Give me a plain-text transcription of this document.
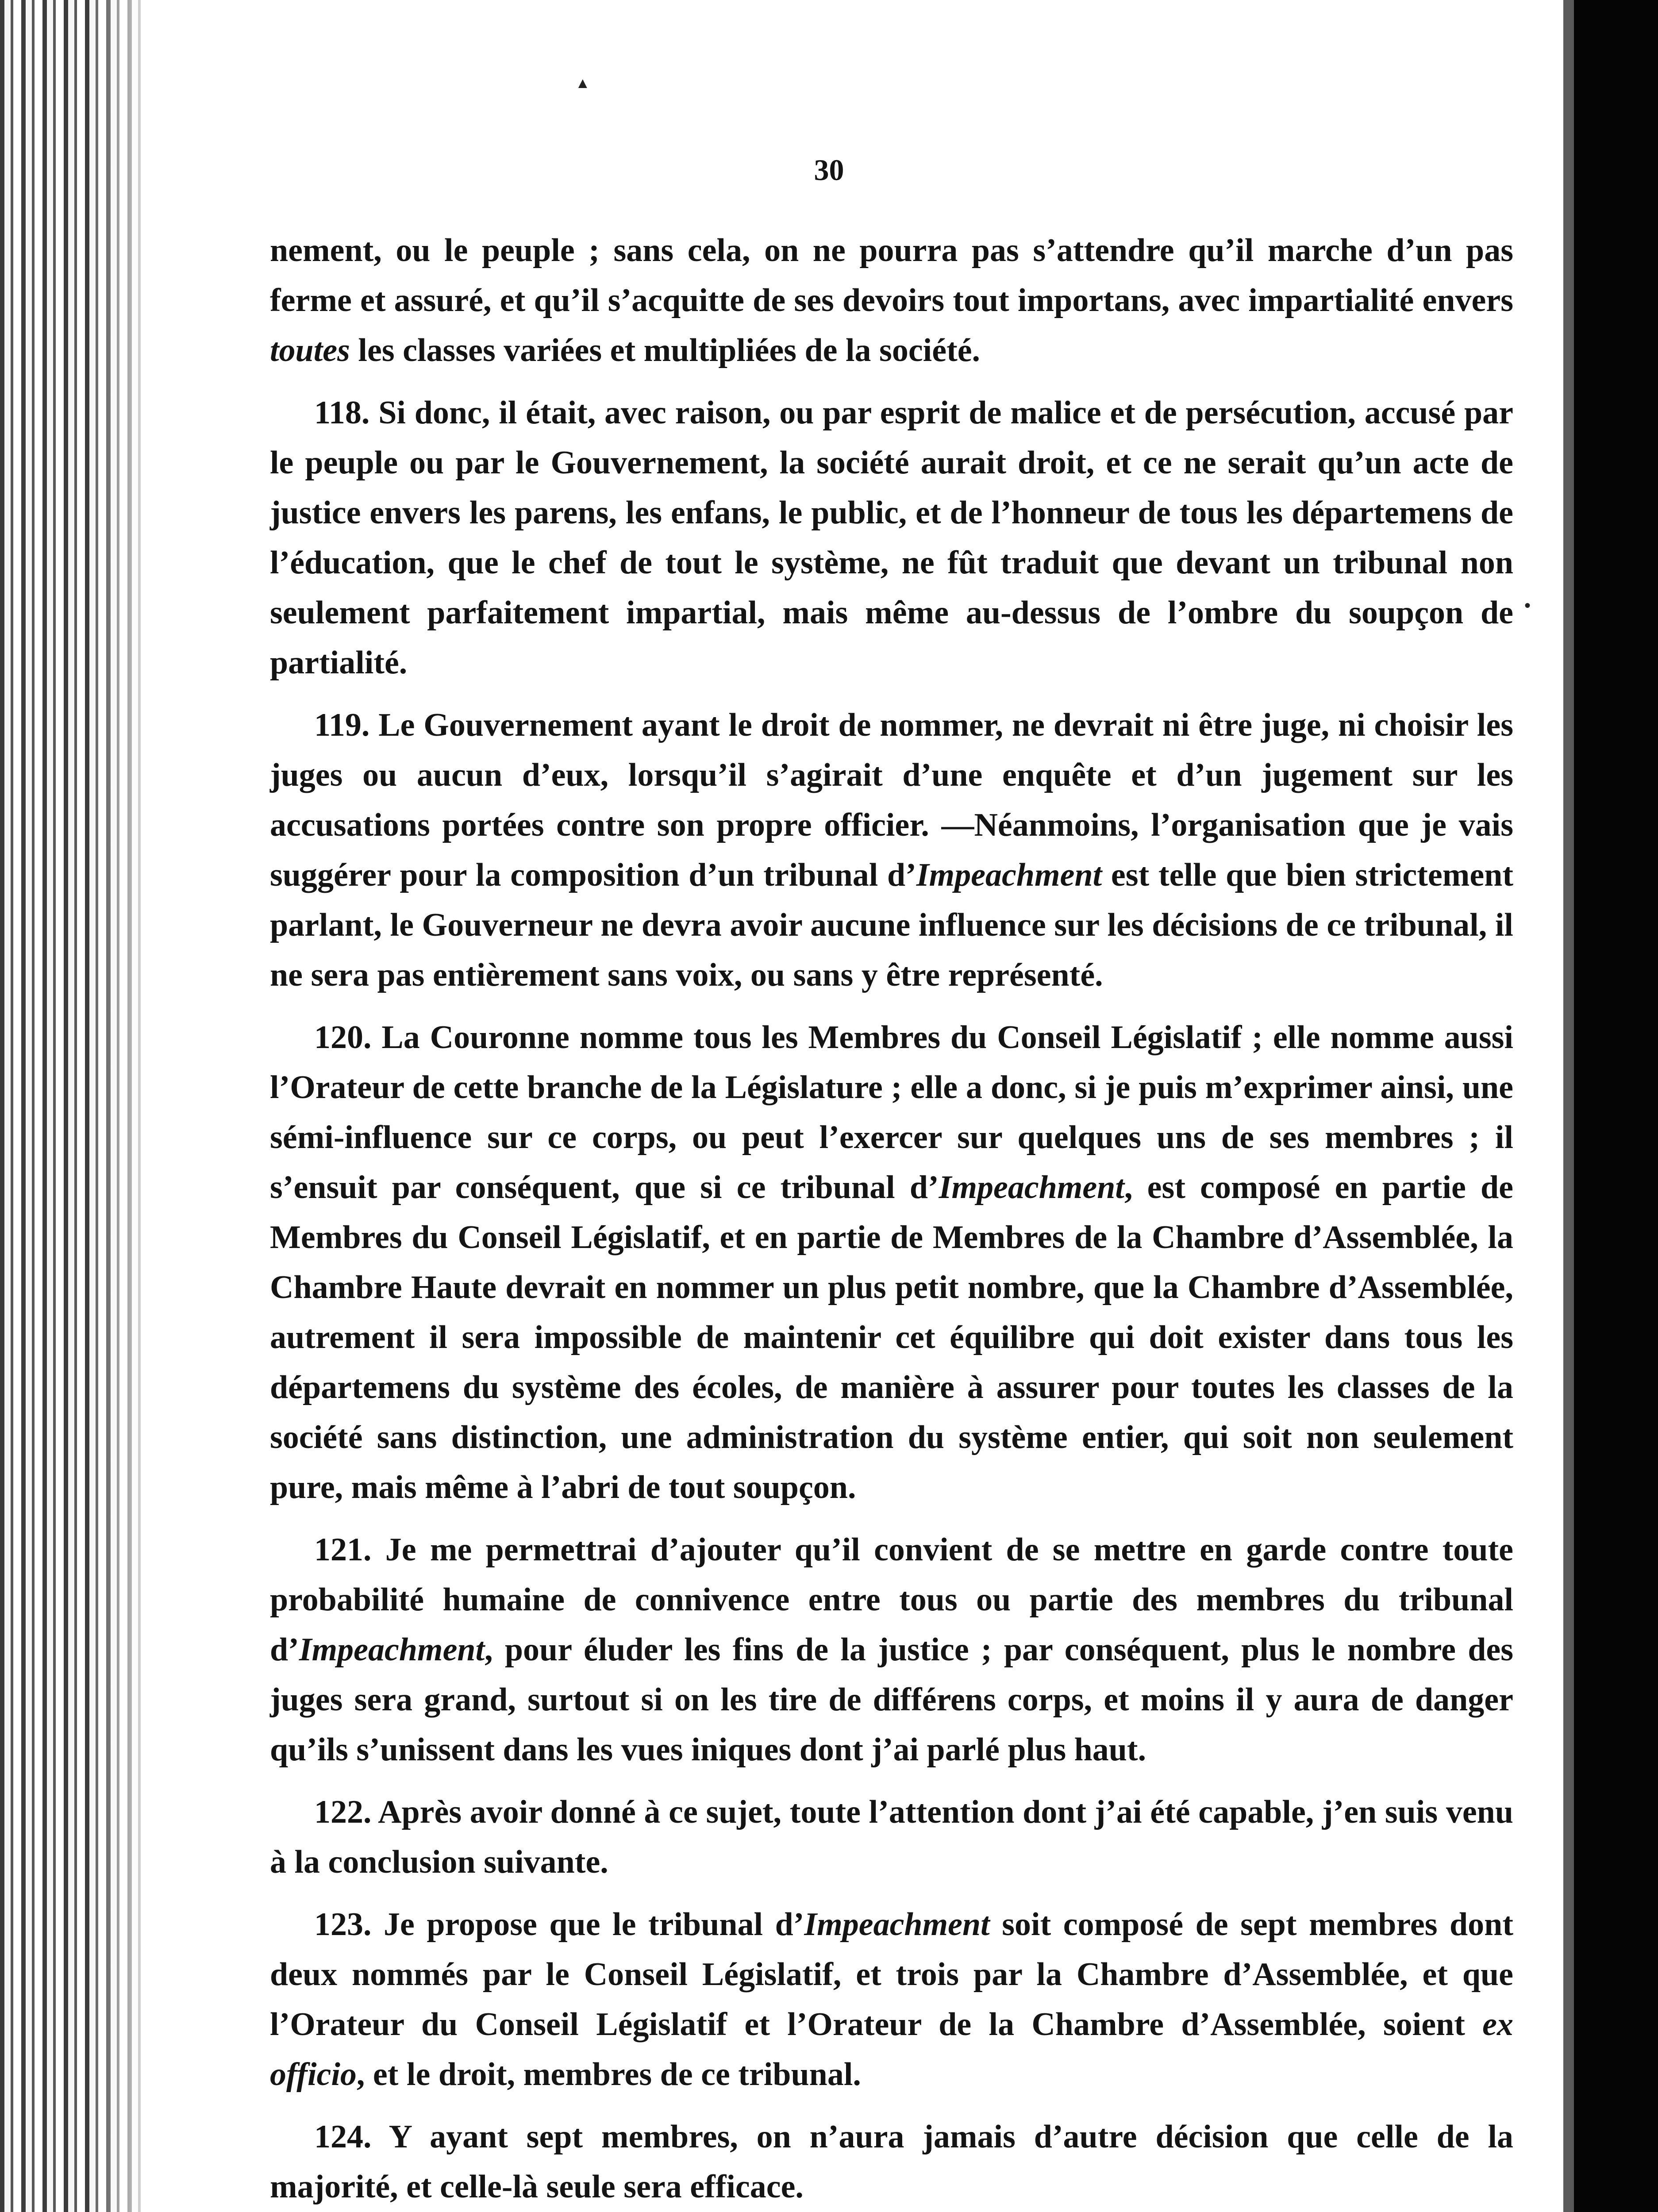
▲
30

nement, ou le peuple ; sans cela, on ne pourra pas s’attendre qu’il marche d’un pas ferme et assuré, et qu’il s’acquitte de ses devoirs tout importans, avec impartialité envers toutes les classes variées et multipliées de la société.

118. Si donc, il était, avec raison, ou par esprit de malice et de persécution, accusé par le peuple ou par le Gouvernement, la société aurait droit, et ce ne serait qu’un acte de justice envers les parens, les enfans, le public, et de l’honneur de tous les départemens de l’éducation, que le chef de tout le système, ne fût traduit que devant un tribunal non seulement parfaitement impartial, mais même au-dessus de l’ombre du soupçon de partialité.

119. Le Gouvernement ayant le droit de nommer, ne devrait ni être juge, ni choisir les juges ou aucun d’eux, lorsqu’il s’agirait d’une enquête et d’un jugement sur les accusations portées contre son propre officier. —Néanmoins, l’organisation que je vais suggérer pour la composition d’un tribunal d’Impeachment est telle que bien strictement parlant, le Gouverneur ne devra avoir aucune influence sur les décisions de ce tribunal, il ne sera pas entièrement sans voix, ou sans y être représenté.

120. La Couronne nomme tous les Membres du Conseil Législatif ; elle nomme aussi l’Orateur de cette branche de la Législature ; elle a donc, si je puis m’exprimer ainsi, une sémi-influence sur ce corps, ou peut l’exercer sur quelques uns de ses membres ; il s’ensuit par conséquent, que si ce tribunal d’Impeachment, est composé en partie de Membres du Conseil Législatif, et en partie de Membres de la Chambre d’Assemblée, la Chambre Haute devrait en nommer un plus petit nombre, que la Chambre d’Assemblée, autrement il sera impossible de maintenir cet équilibre qui doit exister dans tous les départemens du système des écoles, de manière à assurer pour toutes les classes de la société sans distinction, une administration du système entier, qui soit non seulement pure, mais même à l’abri de tout soupçon.

121. Je me permettrai d’ajouter qu’il convient de se mettre en garde contre toute probabilité humaine de connivence entre tous ou partie des membres du tribunal d’Impeachment, pour éluder les fins de la justice ; par conséquent, plus le nombre des juges sera grand, surtout si on les tire de différens corps, et moins il y aura de danger qu’ils s’unissent dans les vues iniques dont j’ai parlé plus haut.

122. Après avoir donné à ce sujet, toute l’attention dont j’ai été capable, j’en suis venu à la conclusion suivante.

123. Je propose que le tribunal d’Impeachment soit composé de sept membres dont deux nommés par le Conseil Législatif, et trois par la Chambre d’Assemblée, et que l’Orateur du Conseil Législatif et l’Orateur de la Chambre d’Assemblée, soient ex officio, et le droit, membres de ce tribunal.

124. Y ayant sept membres, on n’aura jamais d’autre décision que celle de la majorité, et celle-là seule sera efficace.

•
